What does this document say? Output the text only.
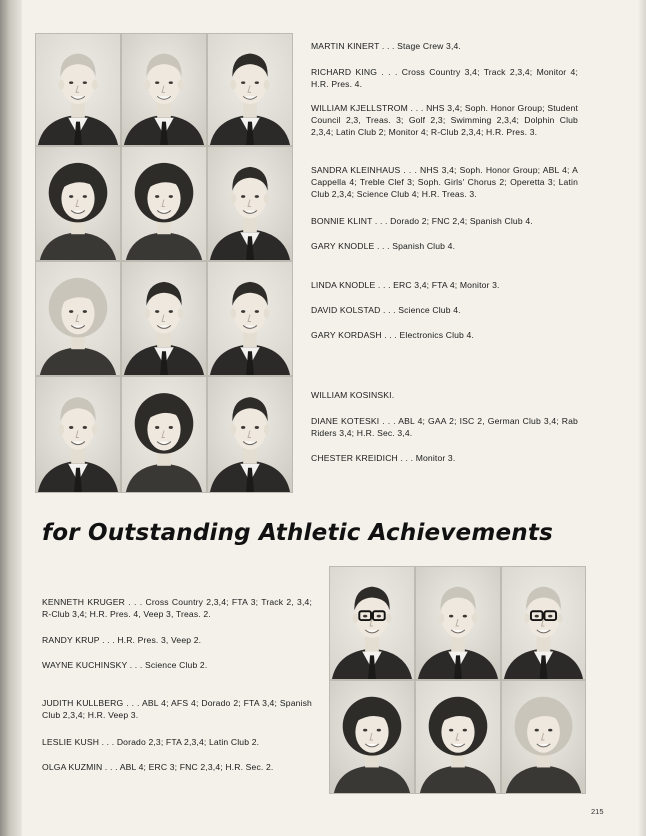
MARTIN KINERT . . . Stage Crew 3,4.

RICHARD KING . . . Cross Country 3,4; Track 2,3,4; Monitor 4; H.R. Pres. 4.

WILLIAM KJELLSTROM . . . NHS 3,4; Soph. Honor Group; Student Council 2,3, Treas. 3; Golf 2,3; Swimming 2,3,4; Dolphin Club 2,3,4; Latin Club 2; Monitor 4; R-Club 2,3,4; H.R. Pres. 3.

SANDRA KLEINHAUS . . . NHS 3,4; Soph. Honor Group; ABL 4; A Cappella 4; Treble Clef 3; Soph. Girls' Chorus 2; Operetta 3; Latin Club 2,3,4; Science Club 4; H.R. Treas. 3.

BONNIE KLINT . . . Dorado 2; FNC 2,4; Spanish Club 4.

GARY KNODLE . . . Spanish Club 4.

LINDA KNODLE . . . ERC 3,4; FTA 4; Monitor 3.

DAVID KOLSTAD . . . Science Club 4.

GARY KORDASH . . . Electronics Club 4.

WILLIAM KOSINSKI.

DIANE KOTESKI . . . ABL 4; GAA 2; ISC 2, German Club 3,4; Rab Riders 3,4; H.R. Sec. 3,4.

CHESTER KREIDICH . . . Monitor 3.

for Outstanding Athletic Achievements

KENNETH KRUGER . . . Cross Country 2,3,4; FTA 3; Track 2, 3,4; R-Club 3,4; H.R. Pres. 4, Veep 3, Treas. 2.

RANDY KRUP . . . H.R. Pres. 3, Veep 2.

WAYNE KUCHINSKY . . . Science Club 2.

JUDITH KULLBERG . . . ABL 4; AFS 4; Dorado 2; FTA 3,4; Spanish Club 2,3,4; H.R. Veep 3.

LESLIE KUSH . . . Dorado 2,3; FTA 2,3,4; Latin Club 2.

OLGA KUZMIN . . . ABL 4; ERC 3; FNC 2,3,4; H.R. Sec. 2.

215
